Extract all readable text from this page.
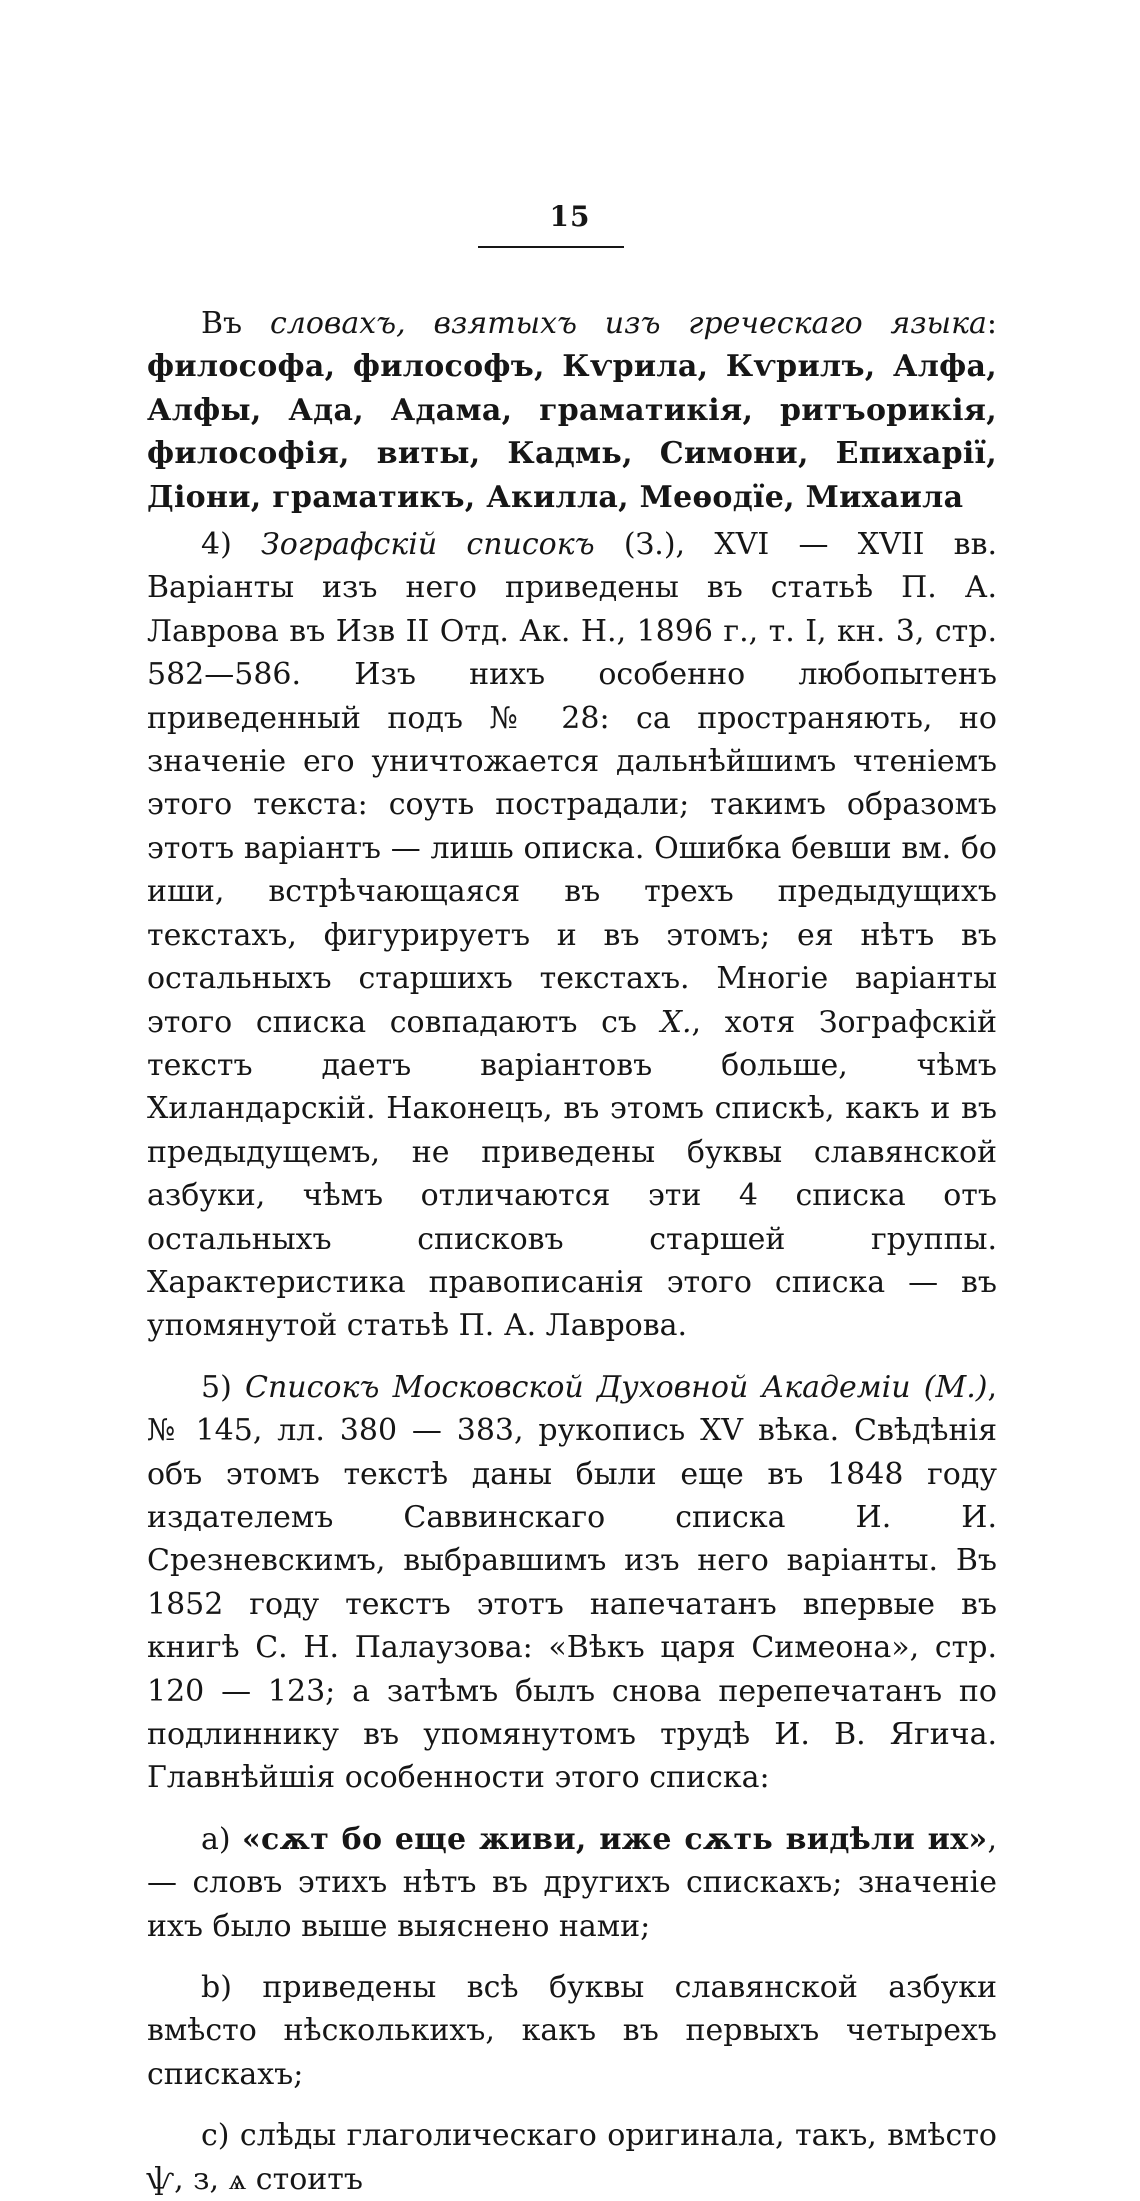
15

Въ словахъ, взятыхъ изъ греческаго языка: философа, философъ, Кѵрила, Кѵрилъ, Алфа, Алфы, Ада, Адама, граматикія, ритъорикія, философія, виты, Кадмь, Симони, Епихарії, Діони, граматикъ, Акилла, Меѳодїе, Михаила

4) Зографскій списокъ (З.), XVI — XVII вв. Варіанты изъ него приведены въ статьѣ П. А. Лаврова въ Изв II Отд. Ак. Н., 1896 г., т. I, кн. 3, стр. 582—586. Изъ нихъ особенно любопытенъ приведенный подъ № 28: са пространяють, но значеніе его уничтожается дальнѣйшимъ чтеніемъ этого текста: соуть пострадали; такимъ образомъ этотъ варіантъ — лишь описка. Ошибка бевши вм. бо иши, встрѣчающаяся въ трехъ предыдущихъ текстахъ, фигурируетъ и въ этомъ; ея нѣтъ въ остальныхъ старшихъ текстахъ. Многіе варіанты этого списка совпадаютъ съ Х., хотя Зографскій текстъ даетъ варіантовъ больше, чѣмъ Хиландарскій. Наконецъ, въ этомъ спискѣ, какъ и въ предыдущемъ, не приведены буквы славянской азбуки, чѣмъ отличаются эти 4 списка отъ остальныхъ списковъ старшей группы. Характеристика правописанія этого списка — въ упомянутой статьѣ П. А. Лаврова.

5) Списокъ Московской Духовной Академіи (М.), № 145, лл. 380 — 383, рукопись XV вѣка. Свѣдѣнія объ этомъ текстѣ даны были еще въ 1848 году издателемъ Саввинскаго списка И. И. Срезневскимъ, выбравшимъ изъ него варіанты. Въ 1852 году текстъ этотъ напечатанъ впервые въ книгѣ С. Н. Палаузова: «Вѣкъ царя Симеона», стр. 120 — 123; а затѣмъ былъ снова перепечатанъ по подлиннику въ упомянутомъ трудѣ И. В. Ягича. Главнѣйшія особенности этого списка:

а) «сѫт бо еще живи, иже сѫть видѣли их», — словъ этихъ нѣтъ въ другихъ спискахъ; значеніе ихъ было выше выяснено нами;

b) приведены всѣ буквы славянской азбуки вмѣсто нѣсколькихъ, какъ въ первыхъ четырехъ спискахъ;

c) слѣды глаголическаго оригинала, такъ, вмѣсто ѱ, з, ѧ стоитъ
